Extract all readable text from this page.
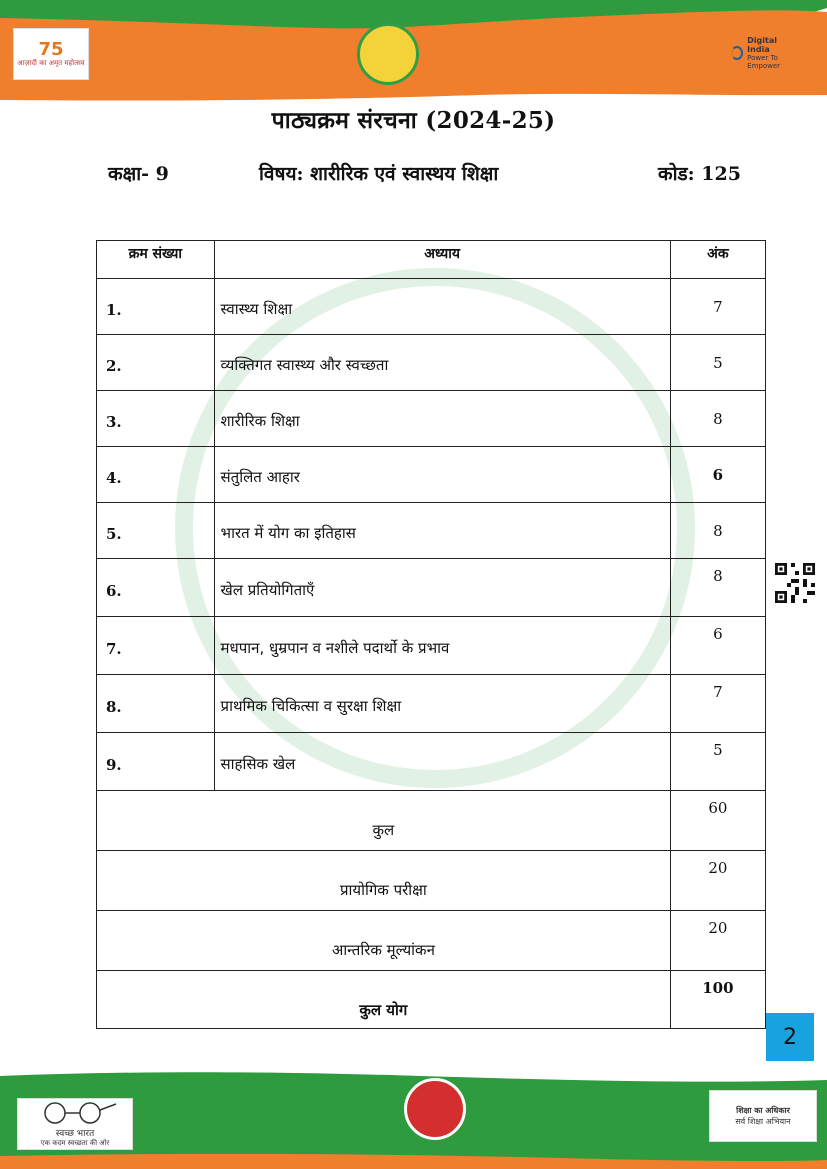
75
आज़ादी का अमृत महोत्सव
Digital India
Power To Empower
पाठ्यक्रम संरचना (2024-25)
कक्षा- 9	विषय: शारीरिक एवं स्वास्थय शिक्षा	कोड: 125
क्रम संख्या	अध्याय	अंक
1.	स्वास्थ्य शिक्षा	7
2.	व्यक्तिगत स्वास्थ्य और स्वच्छता	5
3.	शारीरिक शिक्षा	8
4.	संतुलित आहार	6
5.	भारत में योग का इतिहास	8
6.	खेल प्रतियोगिताएँ	8
7.	मधपान, धुम्रपान व नशीले पदार्थो के प्रभाव	6
8.	प्राथमिक चिकित्सा व सुरक्षा शिक्षा	7
9.	साहसिक खेल	5
कुल		60
प्रायोगिक परीक्षा		20
आन्तरिक मूल्यांकन		20
कुल योग		100
2
स्वच्छ भारत
एक कदम स्वच्छता की ओर
शिक्षा का अधिकार
सर्व शिक्षा अभियान
